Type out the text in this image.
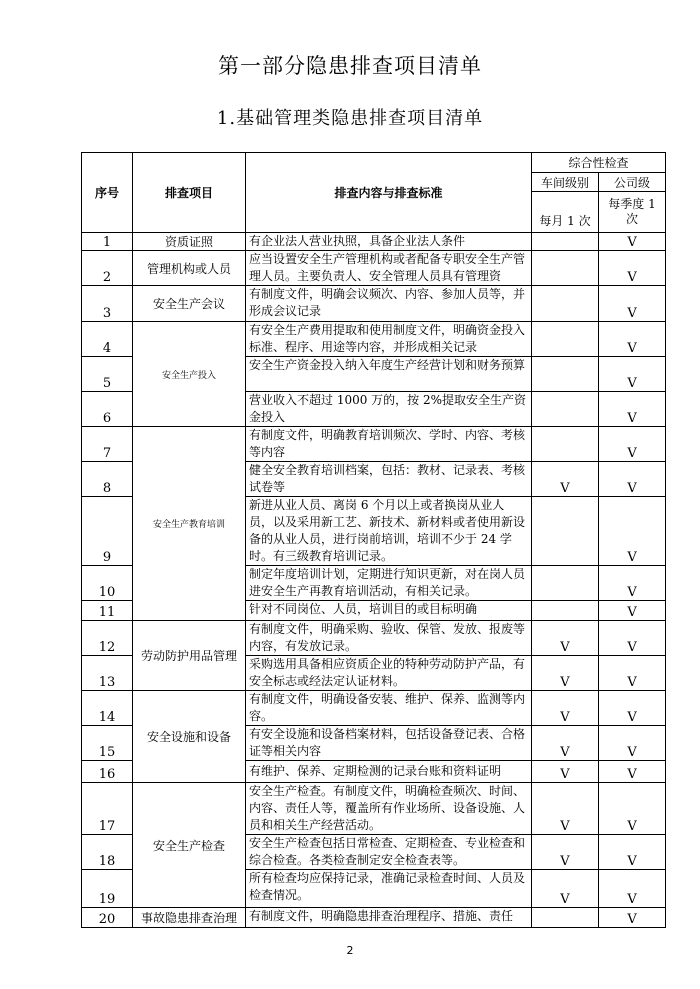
第一部分隐患排查项目清单
1.基础管理类隐患排查项目清单
序号	排查项目	排查内容与排查标准	综合性检查	
			车间级别	公司级
			每月 1 次	每季度 1 次
1	资质证照	有企业法人营业执照，具备企业法人条件		V
2	管理机构或人员	应当设置安全生产管理机构或者配备专职安全生产管理人员。主要负责人、安全管理人员具有管理资		V
3	安全生产会议	有制度文件，明确会议频次、内容、参加人员等，并形成会议记录		V
4	安全生产投入	有安全生产费用提取和使用制度文件，明确资金投入标准、程序、用途等内容，并形成相关记录		V
5		安全生产资金投入纳入年度生产经营计划和财务预算		V
6		营业收入不超过 1000 万的，按 2%提取安全生产资金投入		V
7	安全生产教育培训	有制度文件，明确教育培训频次、学时、内容、考核等内容		V
8		健全安全教育培训档案，包括：教材、记录表、考核试卷等	V	V
9		新进从业人员、离岗 6 个月以上或者换岗从业人员，以及采用新工艺、新技术、新材料或者使用新设备的从业人员，进行岗前培训，培训不少于 24 学时。有三级教育培训记录。		V
10		制定年度培训计划，定期进行知识更新，对在岗人员进安全生产再教育培训活动，有相关记录。		V
11		针对不同岗位、人员，培训目的或目标明确		V
12	劳动防护用品管理	有制度文件，明确采购、验收、保管、发放、报废等内容，有发放记录。	V	V
13		采购选用具备相应资质企业的特种劳动防护产品，有安全标志或经法定认证材料。	V	V
14	安全设施和设备	有制度文件，明确设备安装、维护、保养、监测等内容。	V	V
15		有安全设施和设备档案材料，包括设备登记表、合格证等相关内容	V	V
16		有维护、保养、定期检测的记录台账和资料证明	V	V
17	安全生产检查	安全生产检查。有制度文件，明确检查频次、时间、内容、责任人等，覆盖所有作业场所、设备设施、人员和相关生产经营活动。	V	V
18		安全生产检查包括日常检查、定期检查、专业检查和综合检查。各类检查制定安全检查表等。	V	V
19		所有检查均应保持记录，准确记录检查时间、人员及检查情况。	V	V
20	事故隐患排查治理	有制度文件，明确隐患排查治理程序、措施、责任		V
2
